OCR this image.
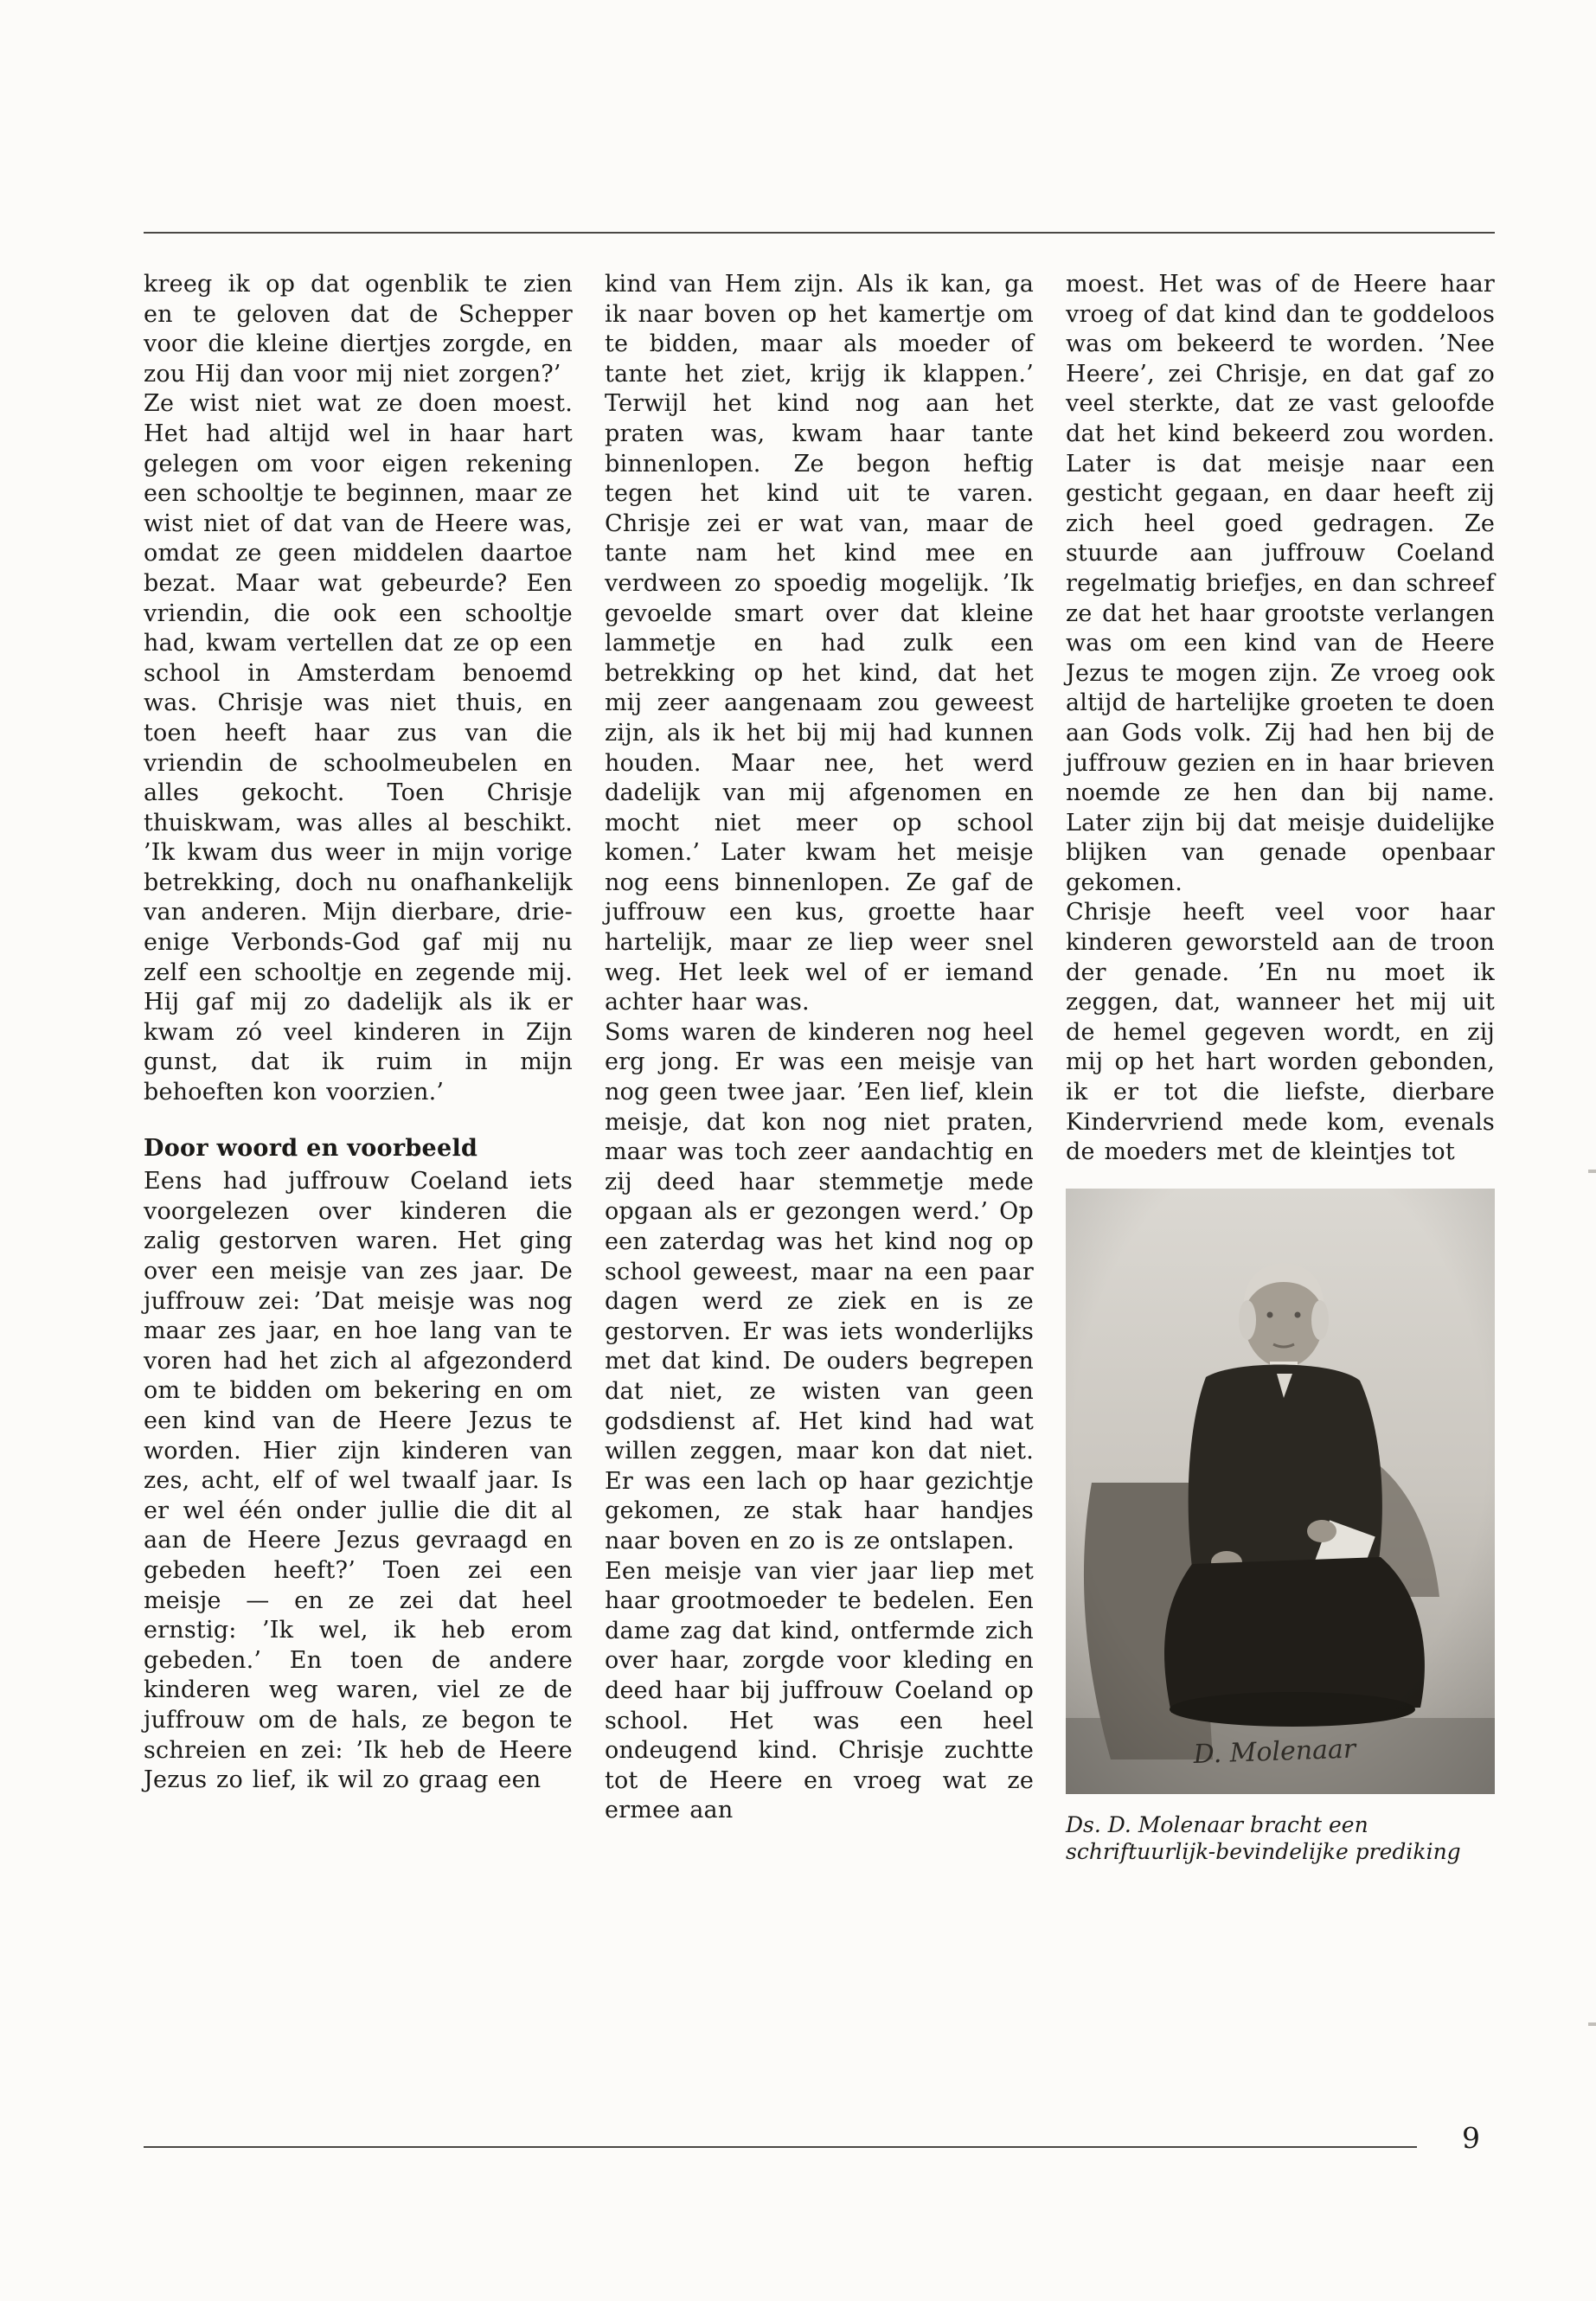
kreeg ik op dat ogenblik te zien en te geloven dat de Schepper voor die kleine diertjes zorgde, en zou Hij dan voor mij niet zorgen?’

Ze wist niet wat ze doen moest. Het had altijd wel in haar hart gelegen om voor eigen rekening een schooltje te beginnen, maar ze wist niet of dat van de Heere was, omdat ze geen middelen daartoe bezat. Maar wat gebeurde? Een vriendin, die ook een schooltje had, kwam vertellen dat ze op een school in Amsterdam benoemd was. Chrisje was niet thuis, en toen heeft haar zus van die vriendin de schoolmeubelen en alles gekocht. Toen Chrisje thuiskwam, was alles al beschikt. ’Ik kwam dus weer in mijn vorige betrekking, doch nu onafhankelijk van anderen. Mijn dierbare, drie-enige Verbonds-God gaf mij nu zelf een schooltje en zegende mij. Hij gaf mij zo dadelijk als ik er kwam zó veel kinderen in Zijn gunst, dat ik ruim in mijn behoeften kon voorzien.’

Door woord en voorbeeld

Eens had juffrouw Coeland iets voorgelezen over kinderen die zalig gestorven waren. Het ging over een meisje van zes jaar. De juffrouw zei: ’Dat meisje was nog maar zes jaar, en hoe lang van te voren had het zich al afgezonderd om te bidden om bekering en om een kind van de Heere Jezus te worden. Hier zijn kinderen van zes, acht, elf of wel twaalf jaar. Is er wel één onder jullie die dit al aan de Heere Jezus gevraagd en gebeden heeft?’ Toen zei een meisje — en ze zei dat heel ernstig: ’Ik wel, ik heb erom gebeden.’ En toen de andere kinderen weg waren, viel ze de juffrouw om de hals, ze begon te schreien en zei: ’Ik heb de Heere Jezus zo lief, ik wil zo graag een

kind van Hem zijn. Als ik kan, ga ik naar boven op het kamertje om te bidden, maar als moeder of tante het ziet, krijg ik klappen.’ Terwijl het kind nog aan het praten was, kwam haar tante binnenlopen. Ze begon heftig tegen het kind uit te varen. Chrisje zei er wat van, maar de tante nam het kind mee en verdween zo spoedig mogelijk. ’Ik gevoelde smart over dat kleine lammetje en had zulk een betrekking op het kind, dat het mij zeer aangenaam zou geweest zijn, als ik het bij mij had kunnen houden. Maar nee, het werd dadelijk van mij afgenomen en mocht niet meer op school komen.’ Later kwam het meisje nog eens binnenlopen. Ze gaf de juffrouw een kus, groette haar hartelijk, maar ze liep weer snel weg. Het leek wel of er iemand achter haar was.

Soms waren de kinderen nog heel erg jong. Er was een meisje van nog geen twee jaar. ’Een lief, klein meisje, dat kon nog niet praten, maar was toch zeer aandachtig en zij deed haar stemmetje mede opgaan als er gezongen werd.’ Op een zaterdag was het kind nog op school geweest, maar na een paar dagen werd ze ziek en is ze gestorven. Er was iets wonderlijks met dat kind. De ouders begrepen dat niet, ze wisten van geen godsdienst af. Het kind had wat willen zeggen, maar kon dat niet. Er was een lach op haar gezichtje gekomen, ze stak haar handjes naar boven en zo is ze ontslapen.

Een meisje van vier jaar liep met haar grootmoeder te bedelen. Een dame zag dat kind, ontfermde zich over haar, zorgde voor kleding en deed haar bij juffrouw Coeland op school. Het was een heel ondeugend kind. Chrisje zuchtte tot de Heere en vroeg wat ze ermee aan

moest. Het was of de Heere haar vroeg of dat kind dan te goddeloos was om bekeerd te worden. ’Nee Heere’, zei Chrisje, en dat gaf zo veel sterkte, dat ze vast geloofde dat het kind bekeerd zou worden. Later is dat meisje naar een gesticht gegaan, en daar heeft zij zich heel goed gedragen. Ze stuurde aan juffrouw Coeland regelmatig briefjes, en dan schreef ze dat het haar grootste verlangen was om een kind van de Heere Jezus te mogen zijn. Ze vroeg ook altijd de hartelijke groeten te doen aan Gods volk. Zij had hen bij de juffrouw gezien en in haar brieven noemde ze hen dan bij name. Later zijn bij dat meisje duidelijke blijken van genade openbaar gekomen.

Chrisje heeft veel voor haar kinderen geworsteld aan de troon der genade. ’En nu moet ik zeggen, dat, wanneer het mij uit de hemel gegeven wordt, en zij mij op het hart worden gebonden, ik er tot die liefste, dierbare Kindervriend mede kom, evenals de moeders met de kleintjes tot

Ds. D. Molenaar bracht een schriftuurlijk-bevindelijke prediking
9
